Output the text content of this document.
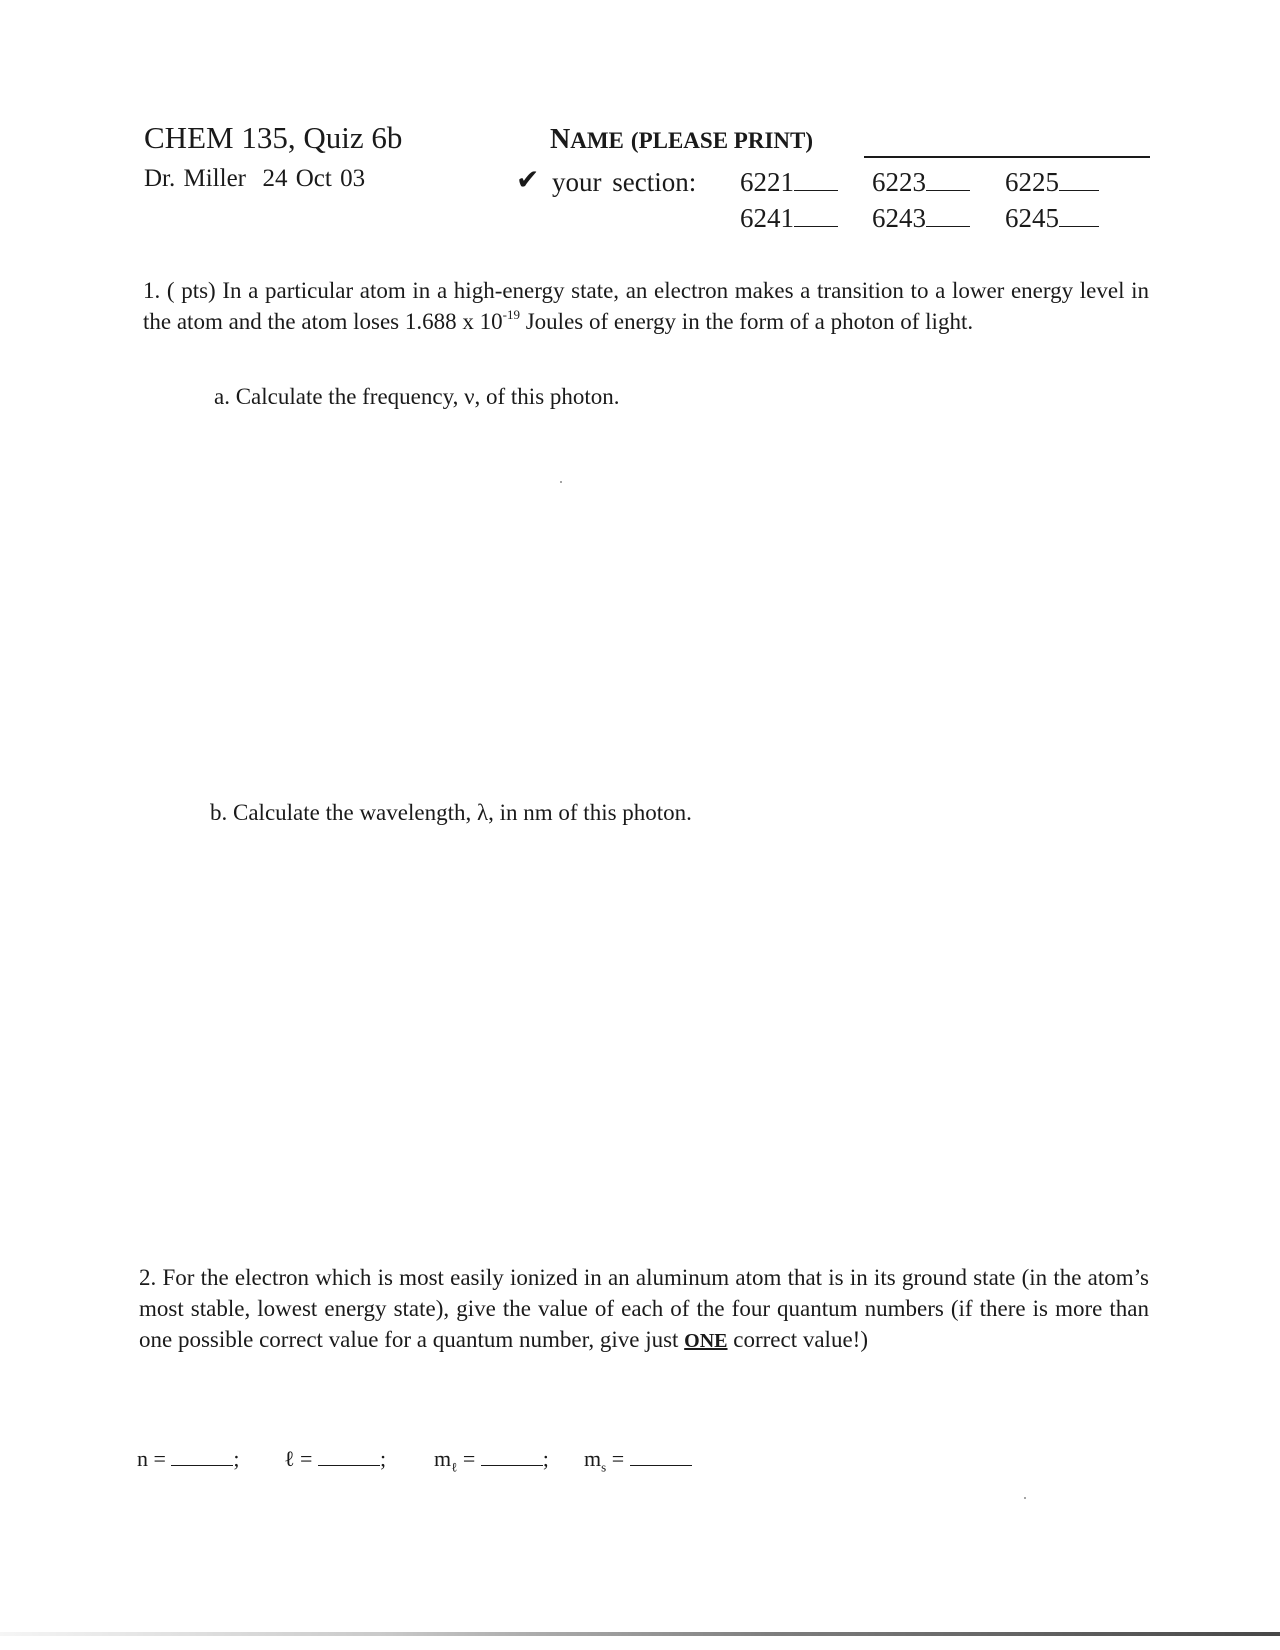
CHEM 135, Quiz 6b
Dr. Miller 24 Oct 03
NAME (PLEASE PRINT)
✔ your section: 6221	6223	6225
6241	6243	6245
1. ( pts) In a particular atom in a high-energy state, an electron makes a transition to a lower energy level in the atom and the atom loses 1.688 x $10^{-19}$ Joules of energy in the form of a photon of light.
a. Calculate the frequency, ν, of this photon.
b. Calculate the wavelength, λ, in nm of this photon.
2. For the electron which is most easily ionized in an aluminum atom that is in its ground state (in the atom’s most stable, lowest energy state), give the value of each of the four quantum numbers (if there is more than one possible correct value for a quantum number, give just ONE correct value!)
n =	; ℓ =	; $m_\ell$ =	; $m_s$ =
